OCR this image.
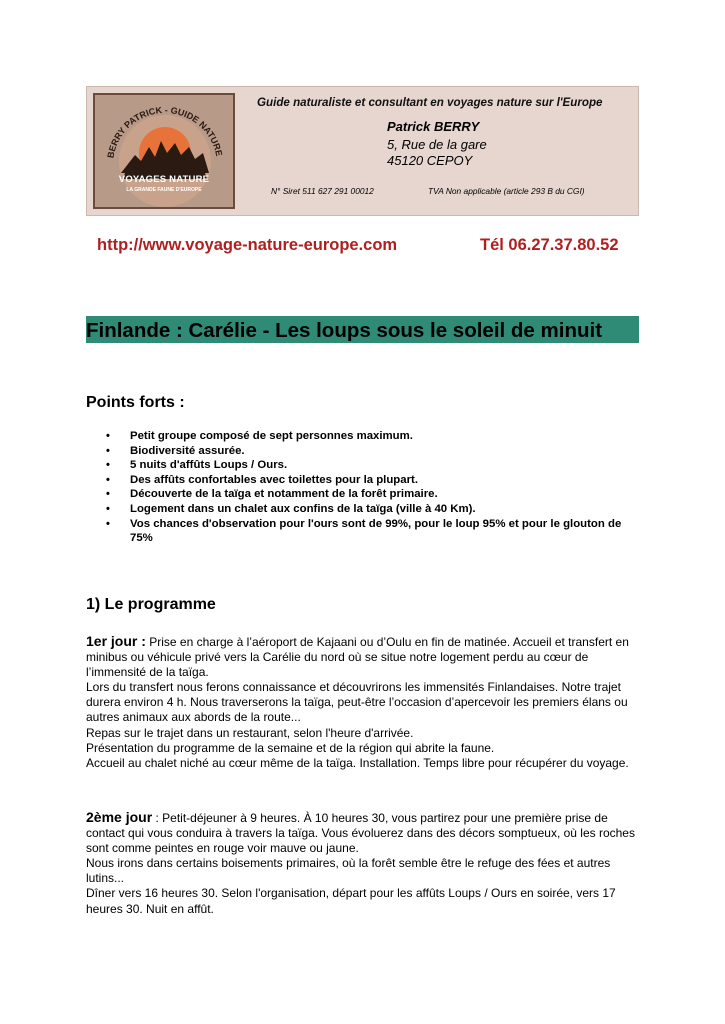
BERRY PATRICK - GUIDE NATURE
VOYAGES NATURE
LA GRANDE FAUNE D'EUROPE
Guide naturaliste et consultant en voyages nature sur l'Europe
Patrick BERRY
5, Rue de la gare
45120 CEPOY
N° Siret 511 627 291 00012	TVA Non applicable (article 293 B du CGI)
http://www.voyage-nature-europe.com	Tél 06.27.37.80.52
Finlande : Carélie - Les loups sous le soleil de minuit
Points forts :
• Petit groupe composé de sept personnes maximum.
• Biodiversité assurée.
• 5 nuits d'affûts Loups / Ours.
• Des affûts confortables avec toilettes pour la plupart.
• Découverte de la taïga et notamment de la forêt primaire.
• Logement dans un chalet aux confins de la taïga (ville à 40 Km).
• Vos chances d'observation pour l'ours sont de 99%, pour le loup 95% et pour le glouton de 75%
1) Le programme

1er jour : Prise en charge à l’aéroport de Kajaani ou d’Oulu en fin de matinée. Accueil et transfert en minibus ou véhicule privé vers la Carélie du nord où se situe notre logement perdu au cœur de l’immensité de la taïga.

Lors du transfert nous ferons connaissance et découvrirons les immensités Finlandaises. Notre trajet durera environ 4 h. Nous traverserons la taïga, peut-être l’occasion d’apercevoir les premiers élans ou autres animaux aux abords de la route...

Repas sur le trajet dans un restaurant, selon l'heure d'arrivée.

Présentation du programme de la semaine et de la région qui abrite la faune.

Accueil au chalet niché au cœur même de la taïga. Installation. Temps libre pour récupérer du voyage.

2ème jour : Petit-déjeuner à 9 heures. À 10 heures 30, vous partirez pour une première prise de contact qui vous conduira à travers la taïga. Vous évoluerez dans des décors somptueux, où les roches sont comme peintes en rouge voir mauve ou jaune.

Nous irons dans certains boisements primaires, où la forêt semble être le refuge des fées et autres lutins...

Dîner vers 16 heures 30. Selon l'organisation, départ pour les affûts Loups / Ours en soirée, vers 17 heures 30. Nuit en affût.
